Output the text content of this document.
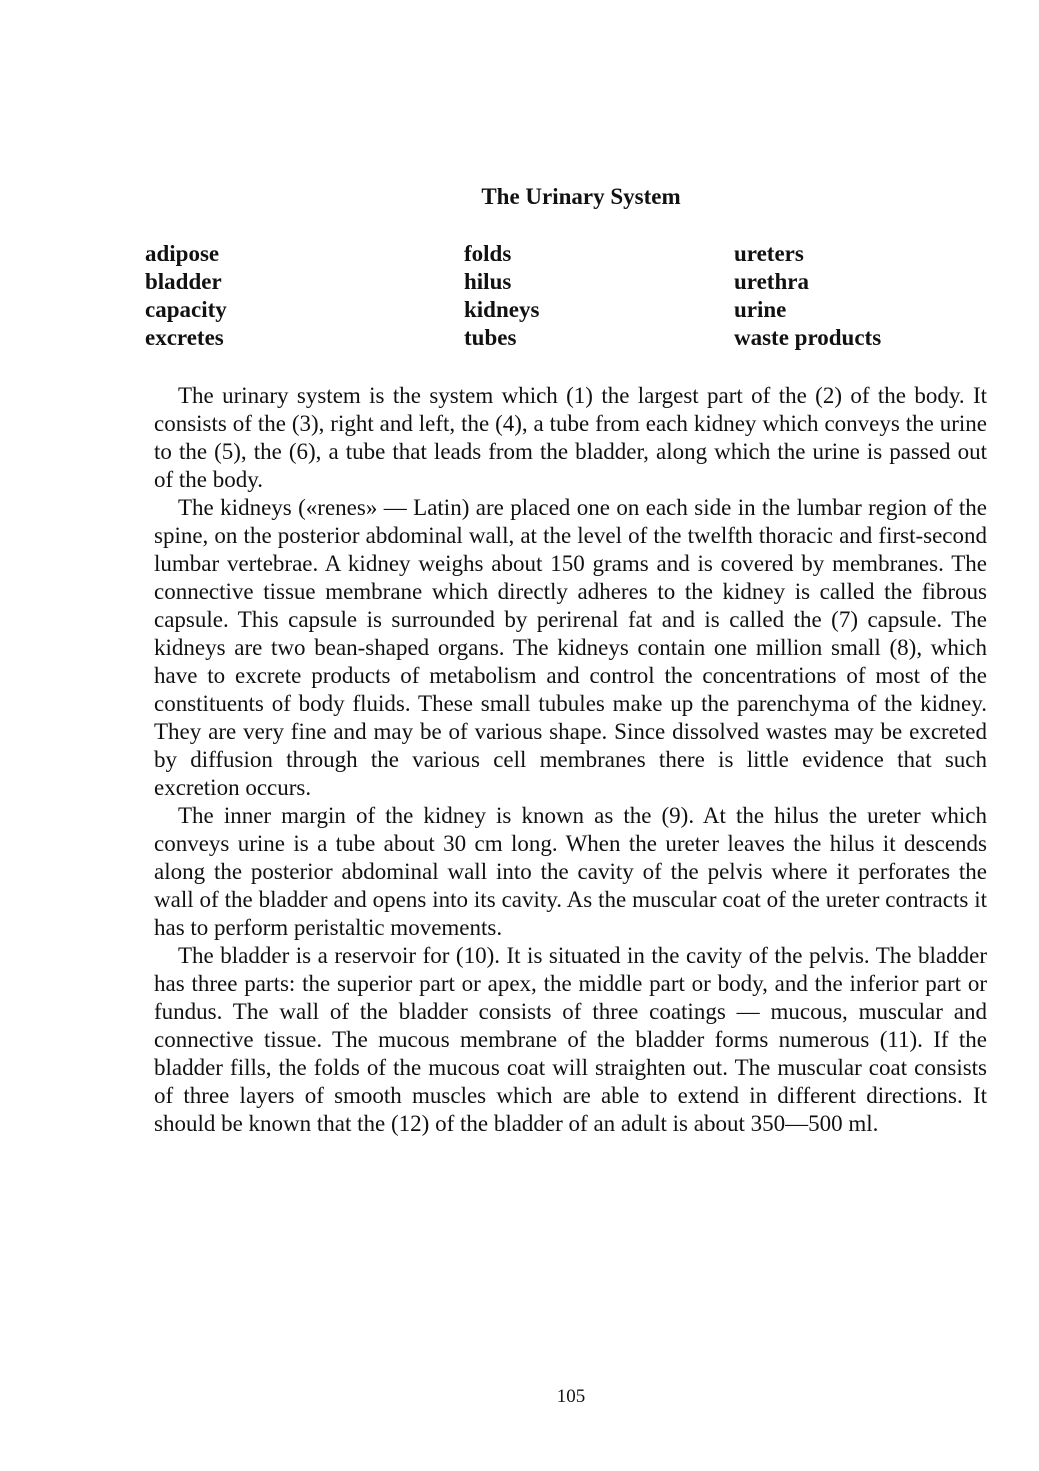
The Urinary System
adipose
bladder
capacity
excretes
folds
hilus
kidneys
tubes
ureters
urethra
urine
waste products

The urinary system is the system which (1) the largest part of the (2) of the body. It consists of the (3), right and left, the (4), a tube from each kidney which conveys the urine to the (5), the (6), a tube that leads from the bladder, along which the urine is passed out of the body.

The kidneys («renes» — Latin) are placed one on each side in the lumbar region of the spine, on the posterior abdominal wall, at the level of the twelfth thoracic and first-second lumbar vertebrae. A kidney weighs about 150 grams and is covered by membranes. The connective tissue membrane which directly adheres to the kidney is called the fibrous capsule. This capsule is surrounded by perirenal fat and is called the (7) capsule. The kidneys are two bean-shaped organs. The kidneys contain one million small (8), which have to excrete products of metabolism and control the concentrations of most of the constituents of body fluids. These small tubules make up the parenchyma of the kidney. They are very fine and may be of various shape. Since dissolved wastes may be excreted by diffusion through the various cell membranes there is little evidence that such excretion occurs.

The inner margin of the kidney is known as the (9). At the hilus the ureter which conveys urine is a tube about 30 cm long. When the ureter leaves the hilus it descends along the posterior abdominal wall into the cavity of the pelvis where it perforates the wall of the bladder and opens into its cavity. As the muscular coat of the ureter contracts it has to perform peristaltic movements.

The bladder is a reservoir for (10). It is situated in the cavity of the pelvis. The bladder has three parts: the superior part or apex, the middle part or body, and the inferior part or fundus. The wall of the bladder consists of three coatings — mucous, muscular and connective tissue. The mucous membrane of the bladder forms numerous (11). If the bladder fills, the folds of the mucous coat will straighten out. The muscular coat consists of three layers of smooth muscles which are able to extend in different directions. It should be known that the (12) of the bladder of an adult is about 350—500 ml.

105
